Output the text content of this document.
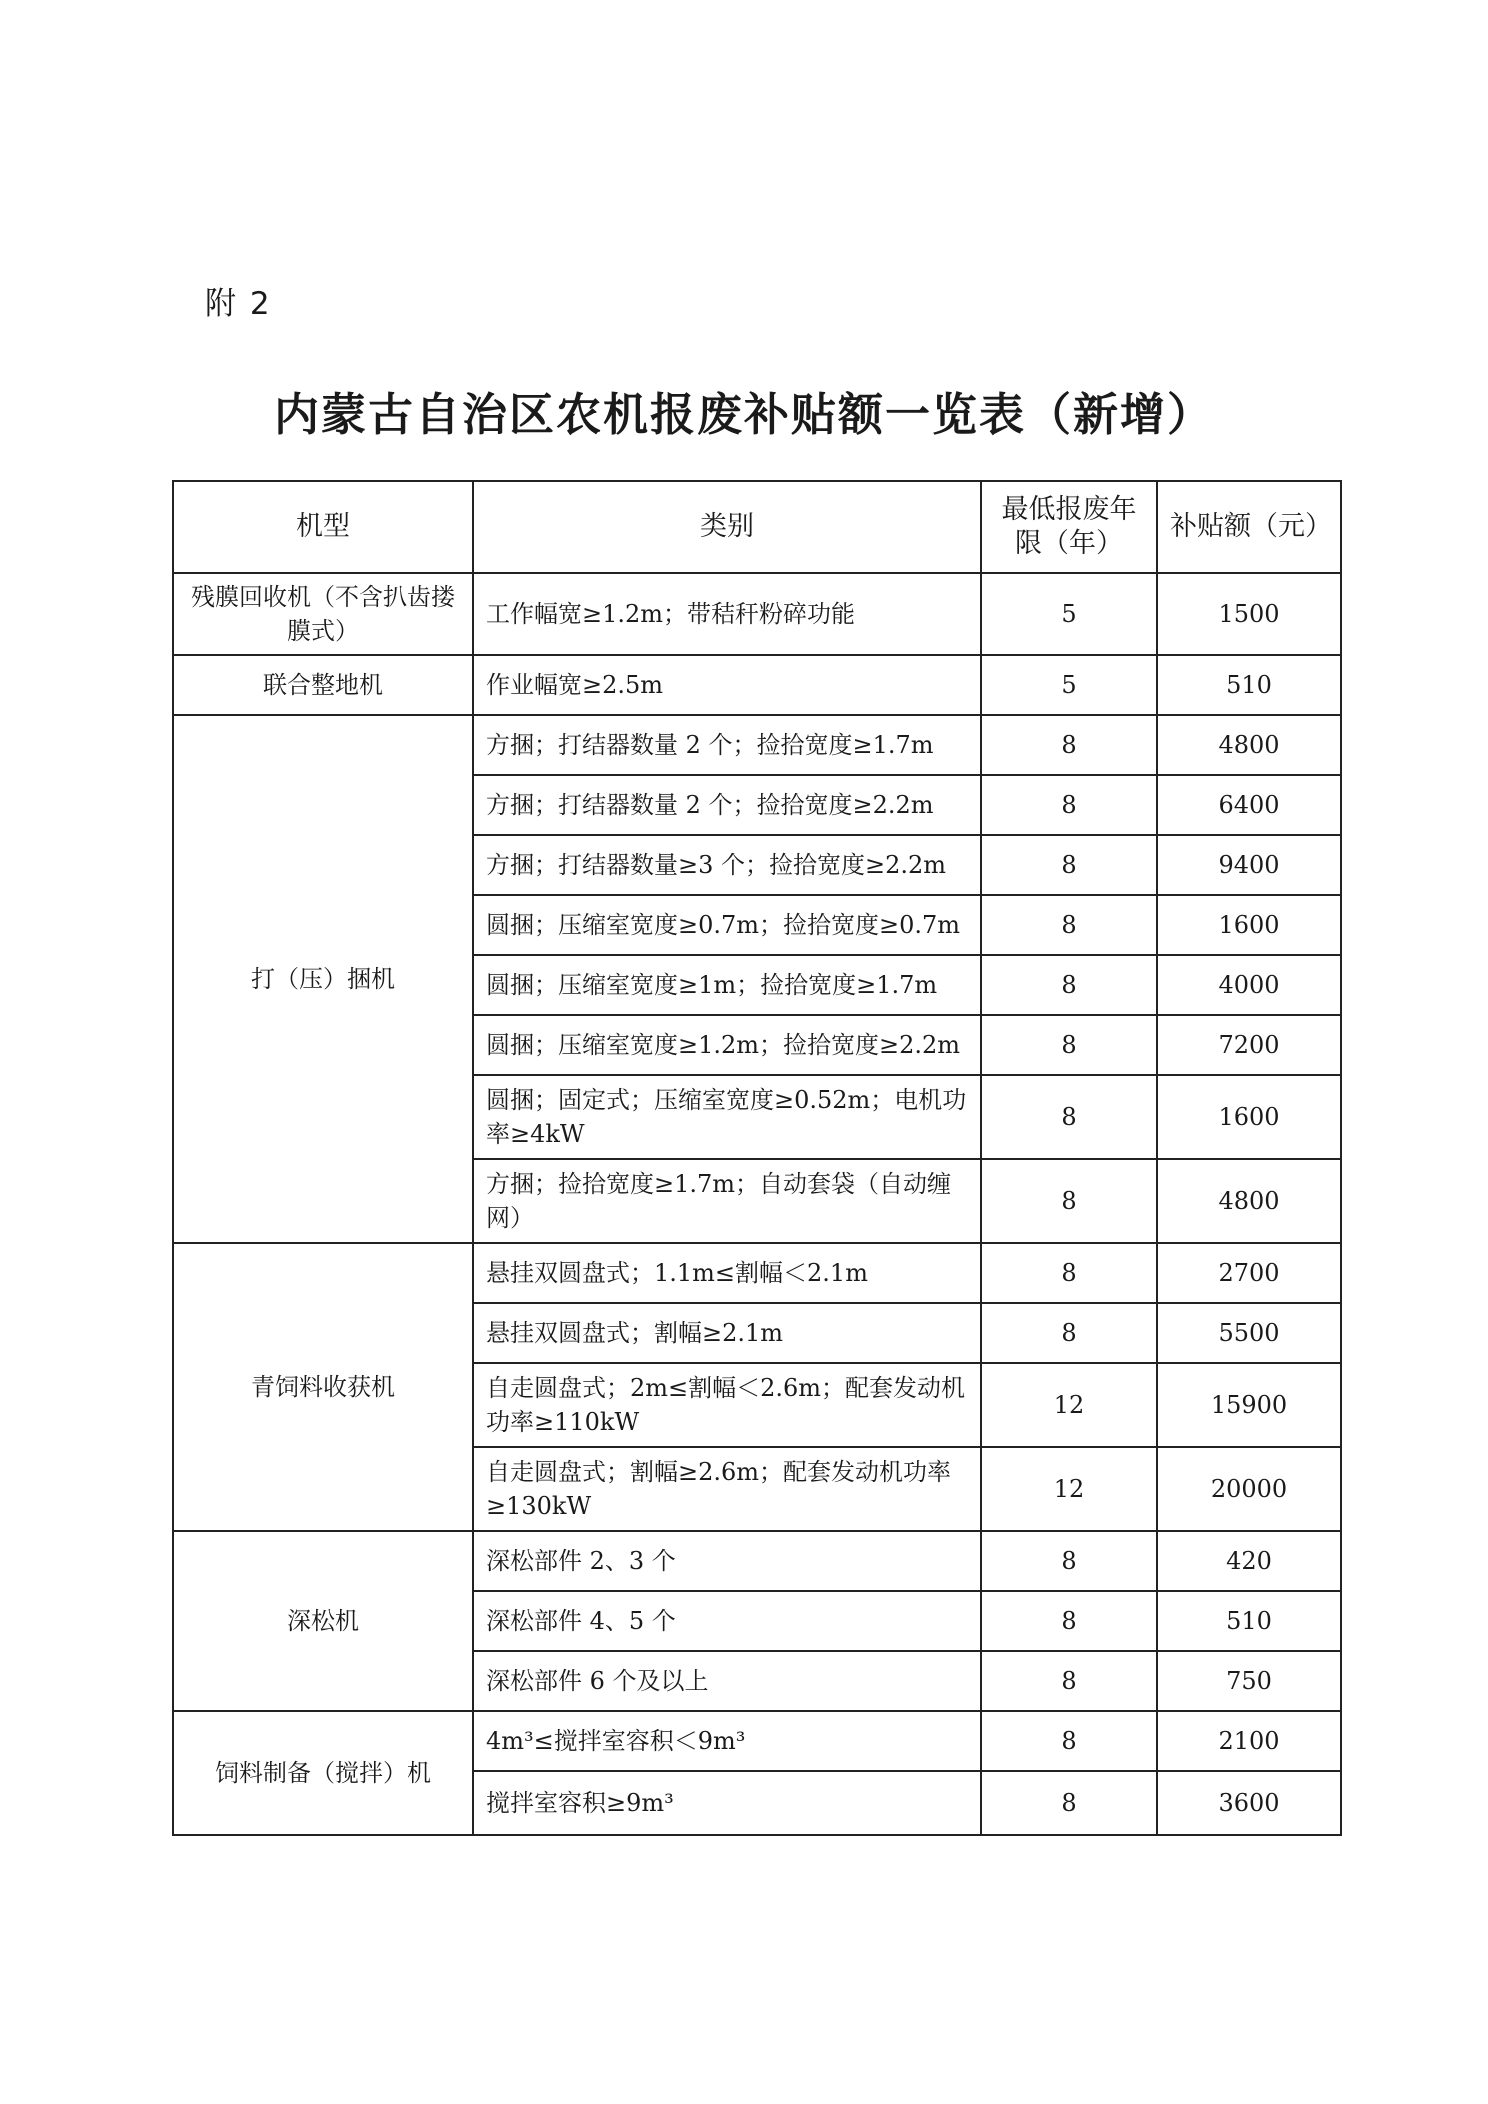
附 2
内蒙古自治区农机报废补贴额一览表（新增）
机型	类别	最低报废年限（年）	补贴额（元）
残膜回收机（不含扒齿搂膜式）	工作幅宽≥1.2m；带秸秆粉碎功能	5	1500
联合整地机	作业幅宽≥2.5m	5	510
打（压）捆机	方捆；打结器数量 2 个；捡拾宽度≥1.7m	8	4800
	方捆；打结器数量 2 个；捡拾宽度≥2.2m	8	6400
	方捆；打结器数量≥3 个；捡拾宽度≥2.2m	8	9400
	圆捆；压缩室宽度≥0.7m；捡拾宽度≥0.7m	8	1600
	圆捆；压缩室宽度≥1m；捡拾宽度≥1.7m	8	4000
	圆捆；压缩室宽度≥1.2m；捡拾宽度≥2.2m	8	7200
	圆捆；固定式；压缩室宽度≥0.52m；电机功率≥4kW	8	1600
	方捆；捡拾宽度≥1.7m；自动套袋（自动缠网）	8	4800
青饲料收获机	悬挂双圆盘式；1.1m≤割幅＜2.1m	8	2700
	悬挂双圆盘式；割幅≥2.1m	8	5500
	自走圆盘式；2m≤割幅＜2.6m；配套发动机功率≥110kW	12	15900
	自走圆盘式；割幅≥2.6m；配套发动机功率≥130kW	12	20000
深松机	深松部件 2、3 个	8	420
	深松部件 4、5 个	8	510
	深松部件 6 个及以上	8	750
饲料制备（搅拌）机	4m³≤搅拌室容积＜9m³	8	2100
	搅拌室容积≥9m³	8	3600
